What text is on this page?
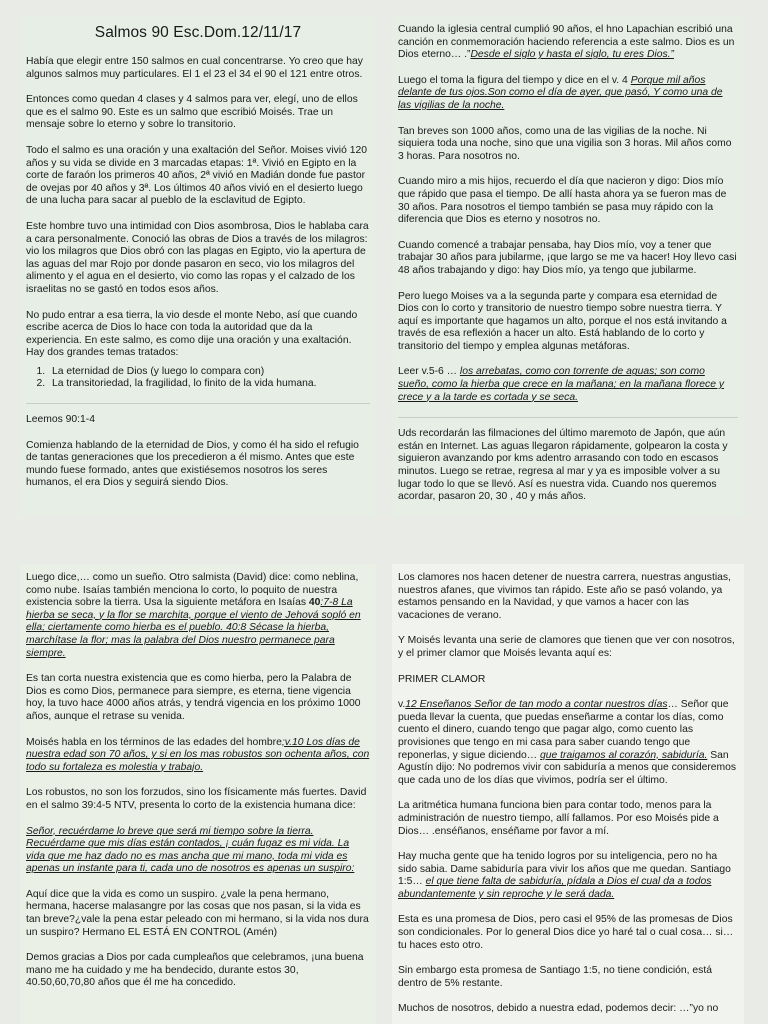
Salmos 90 Esc.Dom.12/11/17

Había que elegir entre 150 salmos en cual concentrarse. Yo creo que hay algunos salmos muy particulares. El 1 el 23 el 34 el 90 el 121 entre otros.

Entonces como quedan 4 clases y 4 salmos para ver, elegí, uno de ellos que es el salmo 90. Este es un salmo que escribió Moisés. Trae un mensaje sobre lo eterno y sobre lo transitorio.

Todo el salmo es una oración y una exaltación del Señor. Moises vivió 120 años y su vida se divide en 3 marcadas etapas: 1ª. Vivió en Egipto en la corte de faraón los primeros 40 años, 2ª vivió en Madián donde fue pastor de ovejas por 40 años y 3ª. Los últimos 40 años vivió en el desierto luego de una lucha para sacar al pueblo de la esclavitud de Egipto.

Este hombre tuvo una intimidad con Dios asombrosa, Dios le hablaba cara a cara personalmente. Conoció las obras de Dios a través de los milagros: vio los milagros que Dios obró con las plagas en Egipto, vio la apertura de las aguas del mar Rojo por donde pasaron en seco, vio los milagros del alimento y el agua en el desierto, vio como las ropas y el calzado de los israelitas no se gastó en todos esos años.

No pudo entrar a esa tierra, la vio desde el monte Nebo, así que cuando escribe acerca de Dios lo hace con toda la autoridad que da la experiencia. En este salmo, es como dije una oración y una exaltación. Hay dos grandes temas tratados:

1. La eternidad de Dios (y luego lo compara con)
2. La transitoriedad, la fragilidad, lo finito de la vida humana.

Leemos 90:1-4

Comienza hablando de la eternidad de Dios, y como él ha sido el refugio de tantas generaciones que los precedieron a él mismo. Antes que este mundo fuese formado, antes que existiésemos nosotros los seres humanos, el era Dios y seguirá siendo Dios.

Cuando la iglesia central cumplió 90 años, el hno Lapachian escribió una canción en conmemoración haciendo referencia a este salmo. Dios es un Dios eterno… .”Desde el siglo y hasta el siglo, tu eres Dios.”

Luego el toma la figura del tiempo y dice en el v. 4 Porque mil años delante de tus ojos.Son como el día de ayer, que pasó, Y como una de las vigilias de la noche.

Tan breves son 1000 años, como una de las vigilias de la noche. Ni siquiera toda una noche, sino que una vigilia son 3 horas. Mil años como 3 horas. Para nosotros no.

Cuando miro a mis hijos, recuerdo el día que nacieron y digo: Dios mío que rápido que pasa el tiempo. De allí hasta ahora ya se fueron mas de 30 años. Para nosotros el tiempo también se pasa muy rápido con la diferencia que Dios es eterno y nosotros no.

Cuando comencé a trabajar pensaba, hay Dios mío, voy a tener que trabajar 30 años para jubilarme, ¡que largo se me va hacer! Hoy llevo casi 48 años trabajando y digo: hay Dios mío, ya tengo que jubilarme.

Pero luego Moises va a la segunda parte y compara esa eternidad de Dios con lo corto y transitorio de nuestro tiempo sobre nuestra tierra. Y aquí es importante que hagamos un alto, porque el nos está invitando a través de esa reflexión a hacer un alto. Está hablando de lo corto y transitorio del tiempo y emplea algunas metáforas.

Leer v.5-6 … los arrebatas, como con torrente de aguas; son como sueño, como la hierba que crece en la mañana; en la mañana florece y crece y a la tarde es cortada y se seca.

Uds recordarán las filmaciones del último maremoto de Japón, que aún están en Internet. Las aguas llegaron rápidamente, golpearon la costa y siguieron avanzando por kms adentro arrasando con todo en escasos minutos. Luego se retrae, regresa al mar y ya es imposible volver a su lugar todo lo que se llevó. Así es nuestra vida. Cuando nos queremos acordar, pasaron 20, 30 , 40 y más años.

Luego dice,… como un sueño. Otro salmista (David) dice: como neblina, como nube. Isaías también menciona lo corto, lo poquito de nuestra existencia sobre la tierra. Usa la siguiente metáfora en Isaías 40:7-8 La hierba se seca, y la flor se marchita, porque el viento de Jehová sopló en ella; ciertamente como hierba es el pueblo. 40:8 Sécase la hierba, marchítase la flor; mas la palabra del Dios nuestro permanece para siempre.

Es tan corta nuestra existencia que es como hierba, pero la Palabra de Dios es como Dios, permanece para siempre, es eterna, tiene vigencia hoy, la tuvo hace 4000 años atrás, y tendrá vigencia en los próximo 1000 años, aunque el retrase su venida.

Moisés habla en los términos de las edades del hombre;v.10 Los días de nuestra edad son 70 años, y si en los mas robustos son ochenta años, con todo su fortaleza es molestia y trabajo.

Los robustos, no son los forzudos, sino los físicamente más fuertes. David en el salmo 39:4-5 NTV, presenta lo corto de la existencia humana dice:

Señor, recuérdame lo breve que será mi tiempo sobre la tierra. Recuérdame que mis días están contados, ¡ cuán fugaz es mi vida. La vida que me haz dado no es mas ancha que mi mano, toda mi vida es apenas un instante para ti, cada uno de nosotros es apenas un suspiro:

Aquí dice que la vida es como un suspiro. ¿vale la pena hermano, hermana, hacerse malasangre por las cosas que nos pasan, si la vida es tan breve?¿vale la pena estar peleado con mi hermano, si la vida nos dura un suspiro? Hermano EL ESTÁ EN CONTROL (Amén)

Demos gracias a Dios por cada cumpleaños que celebramos, ¡una buena mano me ha cuidado y me ha bendecido, durante estos 30, 40.50,60,70,80 años que él me ha concedido.

Los clamores nos hacen detener de nuestra carrera, nuestras angustias, nuestros afanes, que vivimos tan rápido. Este año se pasó volando, ya estamos pensando en la Navidad, y que vamos a hacer con las vacaciones de verano.

Y Moisés levanta una serie de clamores que tienen que ver con nosotros, y el primer clamor que Moisés levanta aquí es:

PRIMER CLAMOR

v.12 Enseñanos Señor de tan modo a contar nuestros días… Señor que pueda llevar la cuenta, que puedas enseñarme a contar los días, como cuento el dinero, cuando tengo que pagar algo, como cuento las provisiones que tengo en mi casa para saber cuando tengo que reponerlas, y sigue diciendo… que traigamos al corazón, sabiduría. San Agustín dijo: No podremos vivir con sabiduría a menos que consideremos que cada uno de los días que vivimos, podría ser el último.

La aritmética humana funciona bien para contar todo, menos para la administración de nuestro tiempo, allí fallamos. Por eso Moisés pide a Dios… .enséñanos, enséñame por favor a mí.

Hay mucha gente que ha tenido logros por su inteligencia, pero no ha sido sabia. Dame sabiduría para vivir los años que me quedan. Santiago 1:5… el que tiene falta de sabiduría, pídala a Dios el cual da a todos abundantemente y sin reproche y le será dada.

Esta es una promesa de Dios, pero casi el 95% de las promesas de Dios son condicionales. Por lo general Dios dice yo haré tal o cual cosa… si… tu haces esto otro.

Sin embargo esta promesa de Santiago 1:5, no tiene condición, está dentro de 5% restante.

Muchos de nosotros, debido a nuestra edad, podemos decir: …”yo no
